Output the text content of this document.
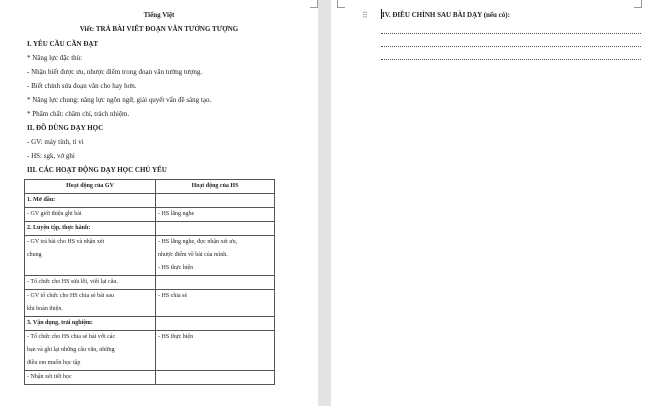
Tiếng Việt
Viết: TRẢ BÀI VIẾT ĐOẠN VĂN TƯỞNG TƯỢNG
I. YÊU CẦU CẦN ĐẠT
* Năng lực đặc thù:
- Nhận biết được ưu, nhược điểm trong đoạn văn tưởng tượng.
- Biết chỉnh sửa đoạn văn cho hay hơn.
* Năng lực chung: năng lực ngôn ngữ, giải quyết vấn đề sáng tạo.
* Phẩm chất: chăm chỉ, trách nhiệm.
II. ĐỒ DÙNG DẠY HỌC
- GV: máy tính, ti vi
- HS: sgk, vở ghi
III. CÁC HOẠT ĐỘNG DẠY HỌC CHỦ YẾU
Hoạt động của GV	Hoạt động của HS

1. Mở đầu:	

- GV giới thiệu ghi bài	- HS lắng nghe

2. Luyện tập, thực hành:	

- GV trả bài cho HS và nhận xét
chung	- HS lắng nghe, đọc nhận xét ưu,
nhược điểm về bài của mình.
- HS thực hiện

- Tổ chức cho HS sửa lỗi, viết lại câu.	

- GV tổ chức cho HS chia sẻ bài sau
khi hoàn thiện.	- HS chia sẻ

3. Vận dụng, trải nghiệm:	

- Tổ chức cho HS chia sẻ bài với các
bạn và ghi lại những câu văn, những
điều em muốn học tập	- HS thực hiện

- Nhận xét tiết học	

⠿ IV. ĐIỀU CHỈNH SAU BÀI DẠY (nếu có):
